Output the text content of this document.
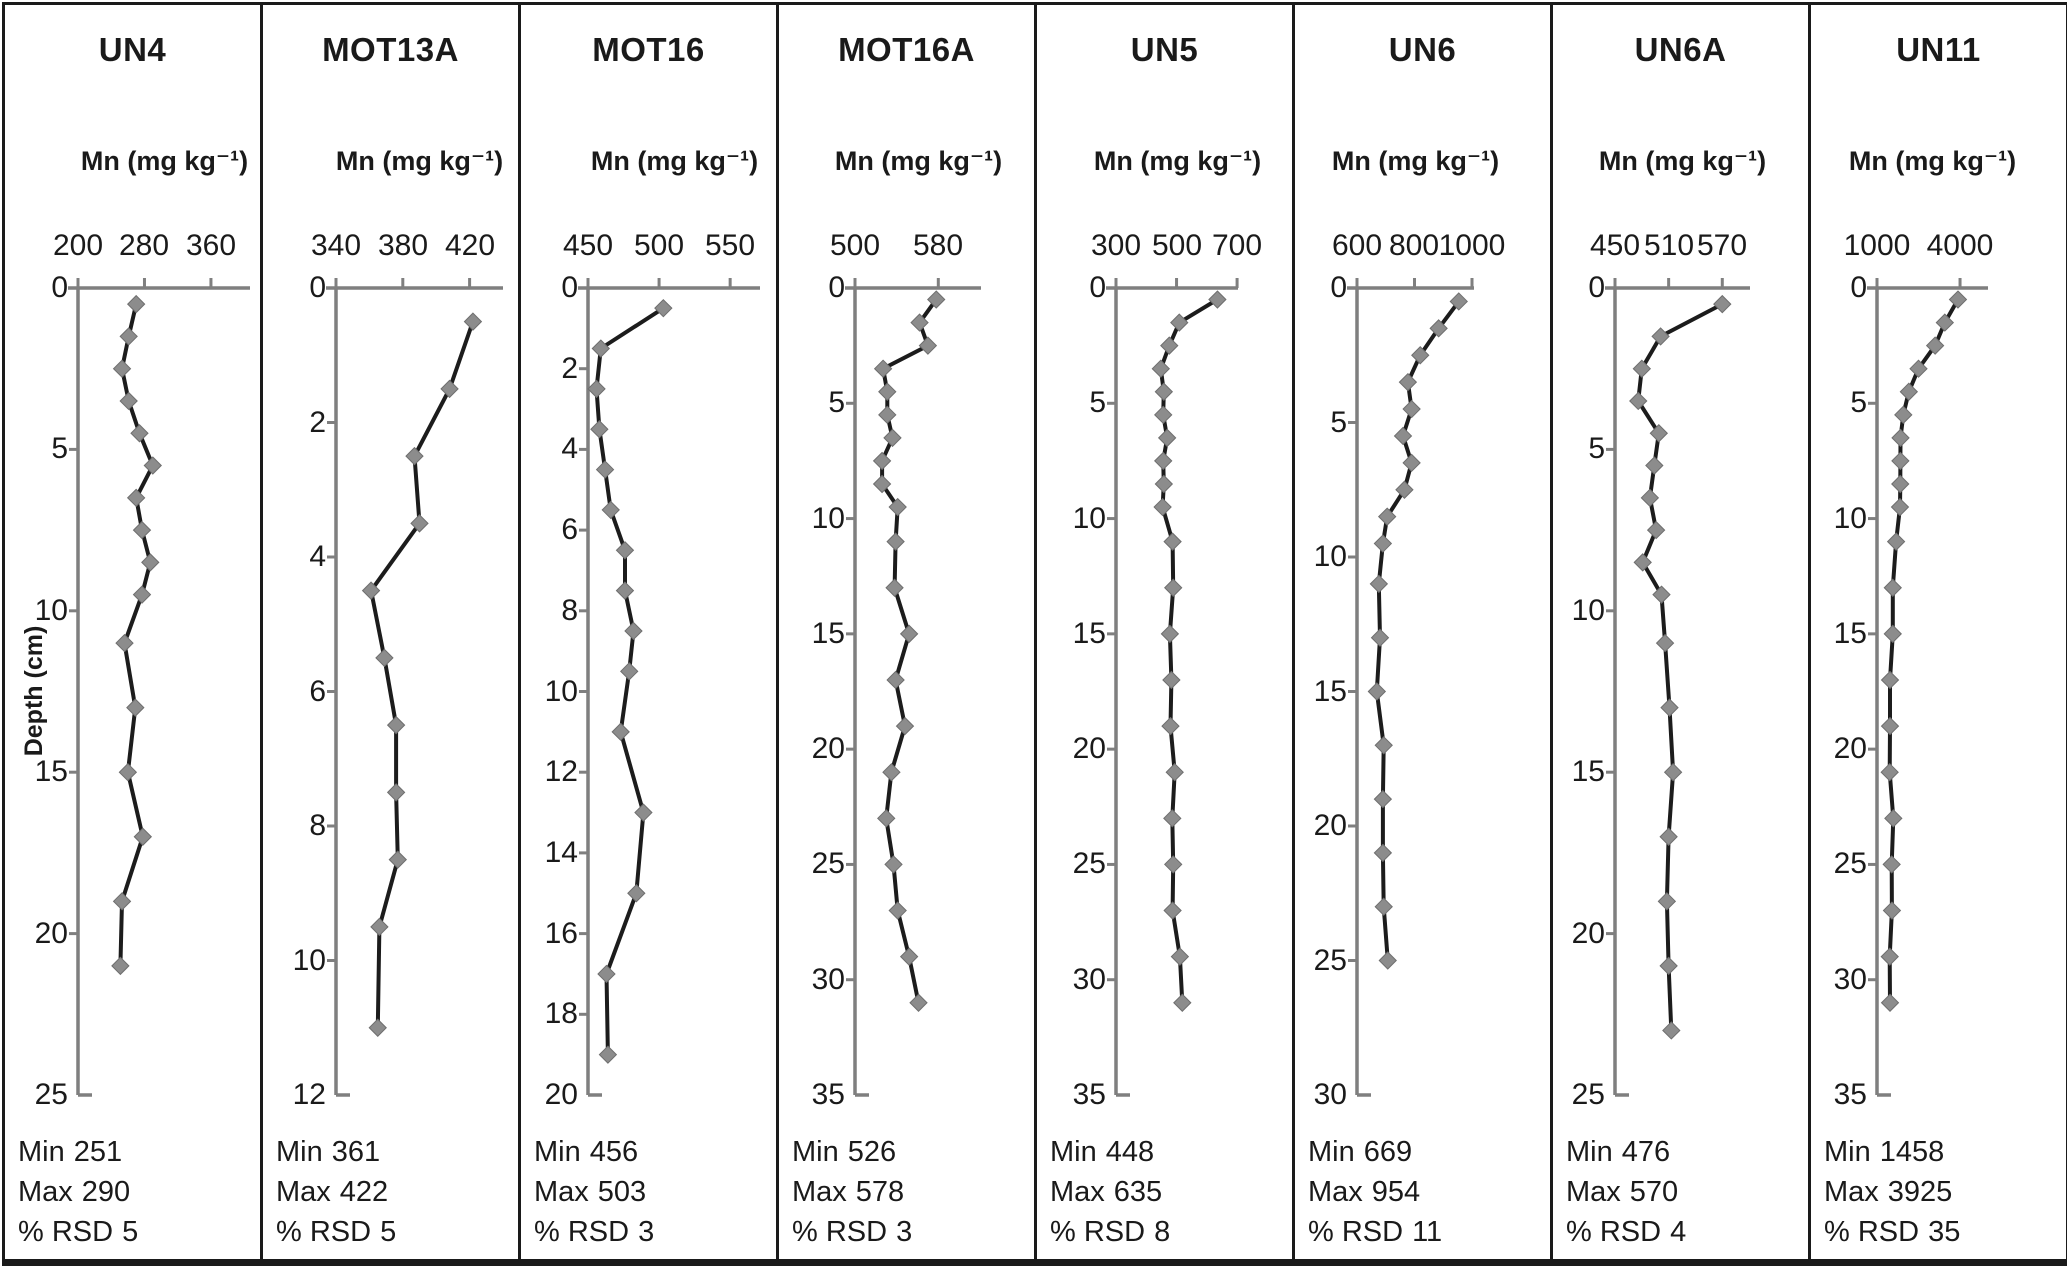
UN4
Mn (mg kg⁻¹)
Depth (cm)
200 280 360
0
5
10
15
20
25
Min 251
Max 290
% RSD 5
MOT13A
Mn (mg kg⁻¹)
340 380 420
0
2
4
6
8
10
12
Min 361
Max 422
% RSD 5
MOT16
Mn (mg kg⁻¹)
450 500 550
0
2
4
6
8
10
12
14
16
18
20
Min 456
Max 503
% RSD 3
MOT16A
Mn (mg kg⁻¹)
500	580
0
5
10
15
20
25
30
35
Min 526
Max 578
% RSD 3
UN5
Mn (mg kg⁻¹)
300 500 700
0
5
10
15
20
25
30
35
Min 448
Max 635
% RSD 8
UN6
Mn (mg kg⁻¹)
600 800 1000
0
5
10
15
20
25
30
Min 669
Max 954
% RSD 11
UN6A
Mn (mg kg⁻¹)
450 510 570
0
5
10
15
20
25
Min 476
Max 570
% RSD 4
UN11
Mn (mg kg⁻¹)
1000 4000
0
5
10
15
20
25
30
35
Min 1458
Max 3925
% RSD 35
